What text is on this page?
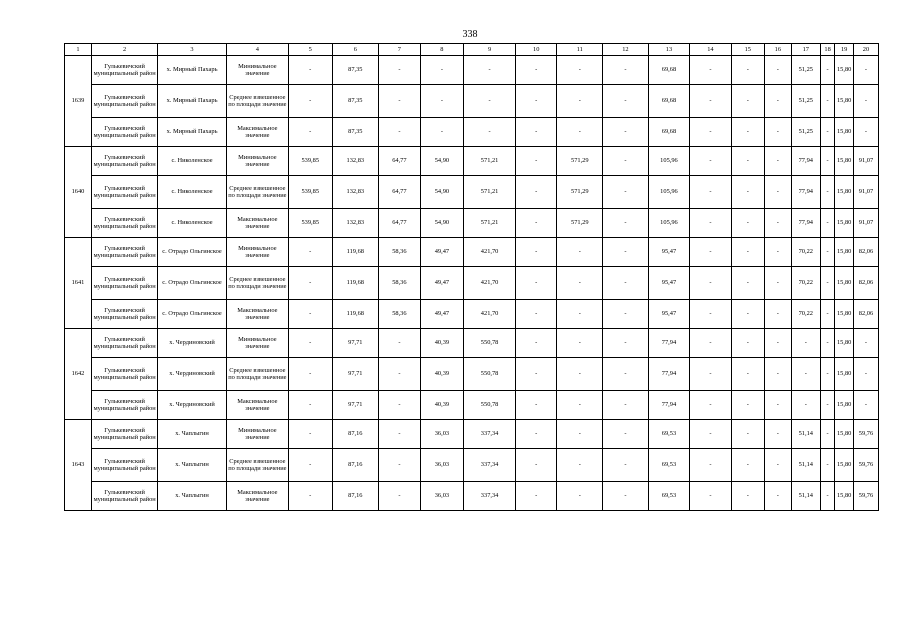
338
1	2	3	4	5	6	7	8	9	10	11	12	13	14	15	16	17	18	19	20
1639	Гулькевичский муниципальный район	х. Мирный Пахарь	Минимальное значение	-	87,35	-	-	-	-	-	-	69,68	-	-	-	51,25	-	15,80	-
	Гулькевичский муниципальный район	х. Мирный Пахарь	Среднее взвешенное по площади значение	-	87,35	-	-	-	-	-	-	69,68	-	-	-	51,25	-	15,80	-
	Гулькевичский муниципальный район	х. Мирный Пахарь	Максимальное значение	-	87,35	-	-	-	-	-	-	69,68	-	-	-	51,25	-	15,80	-
1640	Гулькевичский муниципальный район	с. Николенское	Минимальное значение	539,85	132,83	64,77	54,90	571,21	-	571,29	-	105,96	-	-	-	77,94	-	15,80	91,07
	Гулькевичский муниципальный район	с. Николенское	Среднее взвешенное по площади значение	539,85	132,83	64,77	54,90	571,21	-	571,29	-	105,96	-	-	-	77,94	-	15,80	91,07
	Гулькевичский муниципальный район	с. Николенское	Максимальное значение	539,85	132,83	64,77	54,90	571,21	-	571,29	-	105,96	-	-	-	77,94	-	15,80	91,07
1641	Гулькевичский муниципальный район	с. Отрадо Ольгинское	Минимальное значение	-	119,68	58,36	49,47	421,70	-	-	-	95,47	-	-	-	70,22	-	15,80	82,06
	Гулькевичский муниципальный район	с. Отрадо Ольгинское	Среднее взвешенное по площади значение	-	119,68	58,36	49,47	421,70	-	-	-	95,47	-	-	-	70,22	-	15,80	82,06
	Гулькевичский муниципальный район	с. Отрадо Ольгинское	Максимальное значение	-	119,68	58,36	49,47	421,70	-	-	-	95,47	-	-	-	70,22	-	15,80	82,06
1642	Гулькевичский муниципальный район	х. Чердиновский	Минимальное значение	-	97,71	-	40,39	550,78	-	-	-	77,94	-	-	-	-	-	15,80	-
	Гулькевичский муниципальный район	х. Чердиновский	Среднее взвешенное по площади значение	-	97,71	-	40,39	550,78	-	-	-	77,94	-	-	-	-	-	15,80	-
	Гулькевичский муниципальный район	х. Чердиновский	Максимальное значение	-	97,71	-	40,39	550,78	-	-	-	77,94	-	-	-	-	-	15,80	-
1643	Гулькевичский муниципальный район	х. Чаплыгин	Минимальное значение	-	87,16	-	36,03	337,34	-	-	-	69,53	-	-	-	51,14	-	15,80	59,76
	Гулькевичский муниципальный район	х. Чаплыгин	Среднее взвешенное по площади значение	-	87,16	-	36,03	337,34	-	-	-	69,53	-	-	-	51,14	-	15,80	59,76
	Гулькевичский муниципальный район	х. Чаплыгин	Максимальное значение	-	87,16	-	36,03	337,34	-	-	-	69,53	-	-	-	51,14	-	15,80	59,76
